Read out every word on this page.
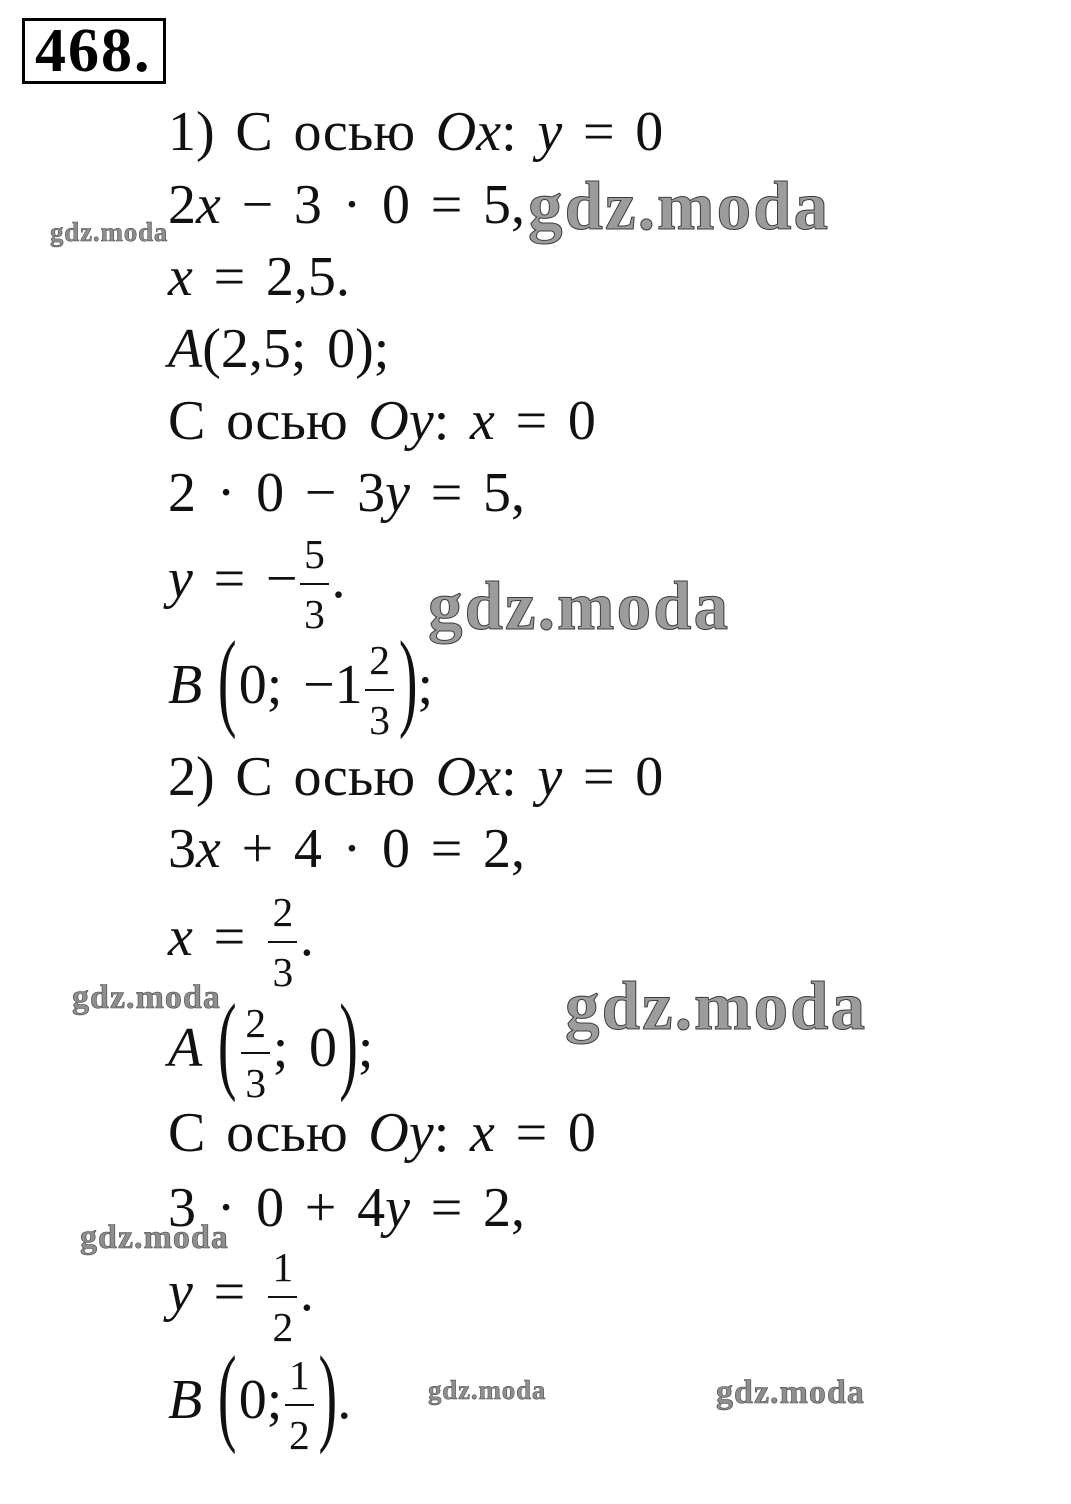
468.
1) С осью Ox: y = 0
2x − 3 · 0 = 5,
x = 2,5.
A(2,5; 0);
С осью Oy: x = 0
2 · 0 − 3y = 5,
y = − $\frac{5}{3}$ .
B (0; $-1 \frac{2}{3}$ );
2) С осью Ox: y = 0
3x + 4 · 0 = 2,
$x = \frac{2}{3}$ .
A ( $\frac{2}{3}$ ; 0);
С осью Oy: x = 0
3 · 0 + 4y = 2,
$y = \frac{1}{2}$ .
B (0; $\frac{1}{2}$ ).
gdz.moda
gdz.moda
gdz.moda
gdz.moda	gdz.moda
gdz.moda
gdz.moda	gdz.moda
